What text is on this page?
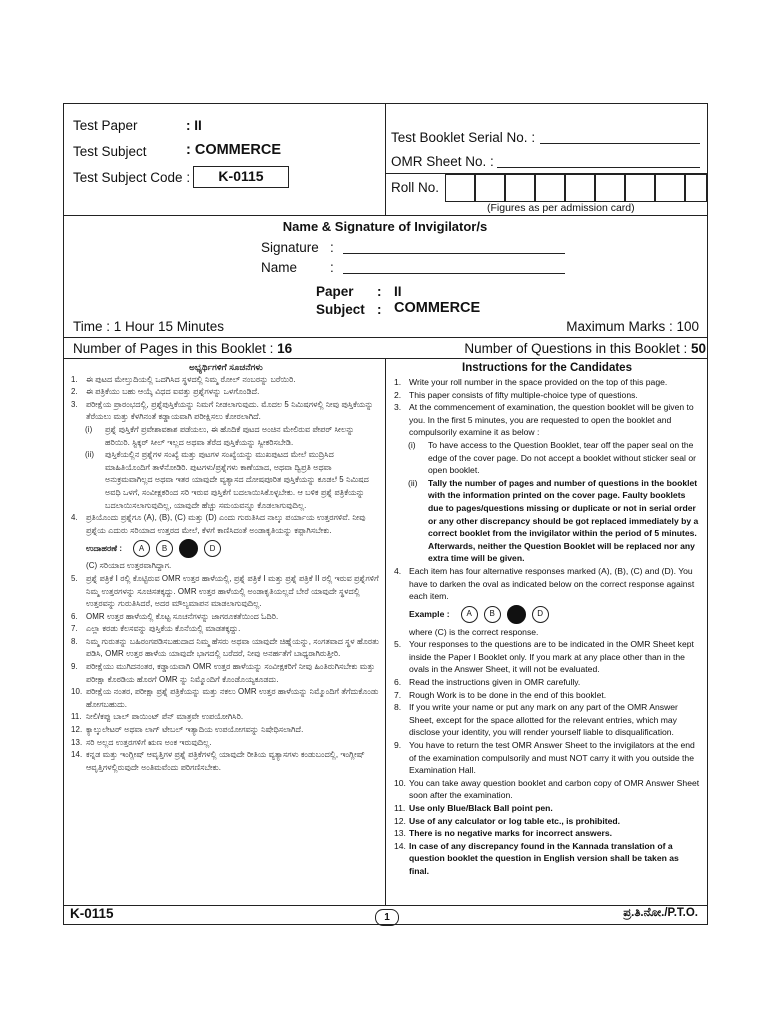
Test Paper	: II
Test Subject	: COMMERCE
Test Subject Code :	K-0115
Test Booklet Serial No. :
OMR Sheet No. :
Roll No.
(Figures as per admission card)
Name & Signature of Invigilator/s
Signature :
Name :
Paper : II
Subject : COMMERCE
Time : 1 Hour 15 Minutes	Maximum Marks : 100
Number of Pages in this Booklet : 16	Number of Questions in this Booklet : 50
ಅಭ್ಯರ್ಥಿಗಳಿಗೆ ಸೂಚನೆಗಳು
1.	ಈ ಪುಟದ ಮೇಲ್ತುದಿಯಲ್ಲಿ ಒದಗಿಸಿದ ಸ್ಥಳದಲ್ಲಿ ನಿಮ್ಮ ರೋಲ್ ನಂಬರನ್ನು ಬರೆಯಿರಿ.
2.	ಈ ಪತ್ರಿಕೆಯು ಬಹು ಆಯ್ಕೆ ವಿಧದ ಐವತ್ತು ಪ್ರಶ್ನೆಗಳನ್ನು ಒಳಗೊಂಡಿದೆ.
3.	ಪರೀಕ್ಷೆಯ ಪ್ರಾರಂಭದಲ್ಲಿ, ಪ್ರಶ್ನೆಪುಸ್ತಿಕೆಯನ್ನು ನಿಮಗೆ ನೀಡಲಾಗುವುದು. ಮೊದಲ 5 ನಿಮಿಷಗಳಲ್ಲಿ ನೀವು ಪುಸ್ತಿಕೆಯನ್ನು ತೆರೆಯಲು ಮತ್ತು ಕೆಳಗಿನಂತೆ ಕಡ್ಡಾಯವಾಗಿ ಪರೀಕ್ಷಿಸಲು ಕೋರಲಾಗಿದೆ.
(i)	ಪ್ರಶ್ನೆ ಪುಸ್ತಿಕೆಗೆ ಪ್ರವೇಶಾವಕಾಶ ಪಡೆಯಲು, ಈ ಹೊದಿಕೆ ಪುಟದ ಅಂಚಿನ ಮೇಲಿರುವ ಪೇಪರ್ ಸೀಲನ್ನು ಹರಿಯಿರಿ. ಸ್ಟಿಕ್ಕರ್ ಸೀಲ್ ಇಲ್ಲದ ಅಥವಾ ತೆರೆದ ಪುಸ್ತಿಕೆಯನ್ನು ಸ್ವೀಕರಿಸಬೇಡಿ.
(ii)	ಪುಸ್ತಿಕೆಯಲ್ಲಿನ ಪ್ರಶ್ನೆಗಳ ಸಂಖ್ಯೆ ಮತ್ತು ಪುಟಗಳ ಸಂಖ್ಯೆಯನ್ನು ಮುಖಪುಟದ ಮೇಲೆ ಮುದ್ರಿಸಿದ ಮಾಹಿತಿಯೊಂದಿಗೆ ತಾಳೆನೋಡಿರಿ. ಪುಟಗಳು/ಪ್ರಶ್ನೆಗಳು ಕಾಣೆಯಾದ, ಅಥವಾ ದ್ವಿಪ್ರತಿ ಅಥವಾ ಅನುಕ್ರಮವಾಗಿಲ್ಲದ ಅಥವಾ ಇತರ ಯಾವುದೇ ವ್ಯತ್ಯಾಸದ ದೋಷಪೂರಿತ ಪುಸ್ತಿಕೆಯನ್ನು ಕೂಡಲೆ 5 ನಿಮಿಷದ ಅವಧಿ ಒಳಗೆ, ಸಂವೀಕ್ಷಕರಿಂದ ಸರಿ ಇರುವ ಪುಸ್ತಿಕೆಗೆ ಬದಲಾಯಿಸಿಕೊಳ್ಳಬೇಕು. ಆ ಬಳಿಕ ಪ್ರಶ್ನೆ ಪತ್ರಿಕೆಯನ್ನು ಬದಲಾಯಿಸಲಾಗುವುದಿಲ್ಲ, ಯಾವುದೇ ಹೆಚ್ಚು ಸಮಯವನ್ನೂ ಕೊಡಲಾಗುವುದಿಲ್ಲ.
4.	ಪ್ರತಿಯೊಂದು ಪ್ರಶ್ನೆಗೂ (A), (B), (C) ಮತ್ತು (D) ಎಂದು ಗುರುತಿಸಿದ ನಾಲ್ಕು ಪರ್ಯಾಯ ಉತ್ತರಗಳಿವೆ. ನೀವು ಪ್ರಶ್ನೆಯ ಎದುರು ಸರಿಯಾದ ಉತ್ತರದ ಮೇಲೆ, ಕೆಳಗೆ ಕಾಣಿಸಿದಂತೆ ಅಂಡಾಕೃತಿಯನ್ನು ಕಪ್ಪಾಗಿಸಬೇಕು.
ಉದಾಹರಣೆ :	A B	D
(C) ಸರಿಯಾದ ಉತ್ತರವಾಗಿದ್ದಾಗ.
5.	ಪ್ರಶ್ನೆ ಪತ್ರಿಕೆ I ರಲ್ಲಿ ಕೊಟ್ಟಿರುವ OMR ಉತ್ತರ ಹಾಳೆಯಲ್ಲಿ, ಪ್ರಶ್ನೆ ಪತ್ರಿಕೆ I ಮತ್ತು ಪ್ರಶ್ನೆ ಪತ್ರಿಕೆ II ರಲ್ಲಿ ಇರುವ ಪ್ರಶ್ನೆಗಳಿಗೆ ನಿಮ್ಮ ಉತ್ತರಗಳನ್ನು ಸೂಚಿಸತಕ್ಕದ್ದು. OMR ಉತ್ತರ ಹಾಳೆಯಲ್ಲಿ ಅಂಡಾಕೃತಿಯಲ್ಲದೆ ಬೇರೆ ಯಾವುದೇ ಸ್ಥಳದಲ್ಲಿ ಉತ್ತರವನ್ನು ಗುರುತಿಸಿದರೆ, ಅದರ ಮೌಲ್ಯಮಾಪನ ಮಾಡಲಾಗುವುದಿಲ್ಲ.
6.	OMR ಉತ್ತರ ಹಾಳೆಯಲ್ಲಿ ಕೊಟ್ಟ ಸೂಚನೆಗಳನ್ನು ಜಾಗರೂಕತೆಯಿಂದ ಓದಿರಿ.
7.	ಎಲ್ಲಾ ಕರಡು ಕೆಲಸವನ್ನು ಪುಸ್ತಿಕೆಯ ಕೊನೆಯಲ್ಲಿ ಮಾಡತಕ್ಕದ್ದು.
8.	ನಿಮ್ಮ ಗುರುತನ್ನು ಬಹಿರಂಗಪಡಿಸಬಹುದಾದ ನಿಮ್ಮ ಹೆಸರು ಅಥವಾ ಯಾವುದೇ ಚಿಹ್ನೆಯನ್ನು, ಸಂಗತವಾದ ಸ್ಥಳ ಹೊರತು ಪಡಿಸಿ, OMR ಉತ್ತರ ಹಾಳೆಯ ಯಾವುದೇ ಭಾಗದಲ್ಲಿ ಬರೆದರೆ, ನೀವು ಅನರ್ಹತೆಗೆ ಬಾಧ್ಯರಾಗಿರುತ್ತೀರಿ.
9.	ಪರೀಕ್ಷೆಯು ಮುಗಿದನಂತರ, ಕಡ್ಡಾಯವಾಗಿ OMR ಉತ್ತರ ಹಾಳೆಯನ್ನು ಸಂವೀಕ್ಷಕರಿಗೆ ನೀವು ಹಿಂತಿರುಗಿಸಬೇಕು ಮತ್ತು ಪರೀಕ್ಷಾ ಕೊಠಡಿಯ ಹೊರಗೆ OMR ನ್ನು ನಿಮ್ಮೊಂದಿಗೆ ಕೊಂಡೊಯ್ಯಕೂಡದು.
10. ಪರೀಕ್ಷೆಯ ನಂತರ, ಪರೀಕ್ಷಾ ಪ್ರಶ್ನೆ ಪತ್ರಿಕೆಯನ್ನು ಮತ್ತು ನಕಲು OMR ಉತ್ತರ ಹಾಳೆಯನ್ನು ನಿಮ್ಮೊಂದಿಗೆ ತೆಗೆದುಕೊಂಡು ಹೋಗಬಹುದು.
11. ನೀಲಿ/ಕಪ್ಪು ಬಾಲ್ ಪಾಯಿಂಟ್ ಪೆನ್ ಮಾತ್ರವೇ ಉಪಯೋಗಿಸಿರಿ.
12. ಕ್ಯಾಲ್ಕುಲೇಟರ್ ಅಥವಾ ಲಾಗ್ ಟೇಬಲ್ ಇತ್ಯಾದಿಯ ಉಪಯೋಗವನ್ನು ನಿಷೇಧಿಸಲಾಗಿದೆ.
13. ಸರಿ ಅಲ್ಲದ ಉತ್ತರಗಳಿಗೆ ಋಣ ಅಂಕ ಇರುವುದಿಲ್ಲ.
14. ಕನ್ನಡ ಮತ್ತು ಇಂಗ್ಲೀಷ್ ಆವೃತ್ತಿಗಳ ಪ್ರಶ್ನೆ ಪತ್ರಿಕೆಗಳಲ್ಲಿ ಯಾವುದೇ ರೀತಿಯ ವ್ಯತ್ಯಾಸಗಳು ಕಂಡುಬಂದಲ್ಲಿ, ಇಂಗ್ಲೀಷ್ ಆವೃತ್ತಿಗಳಲ್ಲಿರುವುದೇ ಅಂತಿಮವೆಂದು ಪರಿಗಣಿಸಬೇಕು.
Instructions for the Candidates
1. Write your roll number in the space provided on the top of this page.
2. This paper consists of fifty multiple-choice type of questions.
3. At the commencement of examination, the question booklet will be given to you. In the first 5 minutes, you are requested to open the booklet and compulsorily examine it as below :
(i)	To have access to the Question Booklet, tear off the paper seal on the edge of the cover page. Do not accept a booklet without sticker seal or open booklet.
(ii)	Tally the number of pages and number of questions in the booklet with the information printed on the cover page. Faulty booklets due to pages/questions missing or duplicate or not in serial order or any other discrepancy should be got replaced immediately by a correct booklet from the invigilator within the period of 5 minutes. Afterwards, neither the Question Booklet will be replaced nor any extra time will be given.
4. Each item has four alternative responses marked (A), (B), (C) and (D). You have to darken the oval as indicated below on the correct response against each item.
Example :	A B	D
where (C) is the correct response.
5. Your responses to the questions are to be indicated in the OMR Sheet kept inside the Paper I Booklet only. If you mark at any place other than in the ovals in the Answer Sheet, it will not be evaluated.
6. Read the instructions given in OMR carefully.
7. Rough Work is to be done in the end of this booklet.
8. If you write your name or put any mark on any part of the OMR Answer Sheet, except for the space allotted for the relevant entries, which may disclose your identity, you will render yourself liable to disqualification.
9. You have to return the test OMR Answer Sheet to the invigilators at the end of the examination compulsorily and must NOT carry it with you outside the Examination Hall.
10. You can take away question booklet and carbon copy of OMR Answer Sheet soon after the examination.
11. Use only Blue/Black Ball point pen.
12. Use of any calculator or log table etc., is prohibited.
13. There is no negative marks for incorrect answers.
14. In case of any discrepancy found in the Kannada translation of a question booklet the question in English version shall be taken as final.
K-0115	1	ಪ್ರ.ತಿ.ನೋ./P.T.O.
